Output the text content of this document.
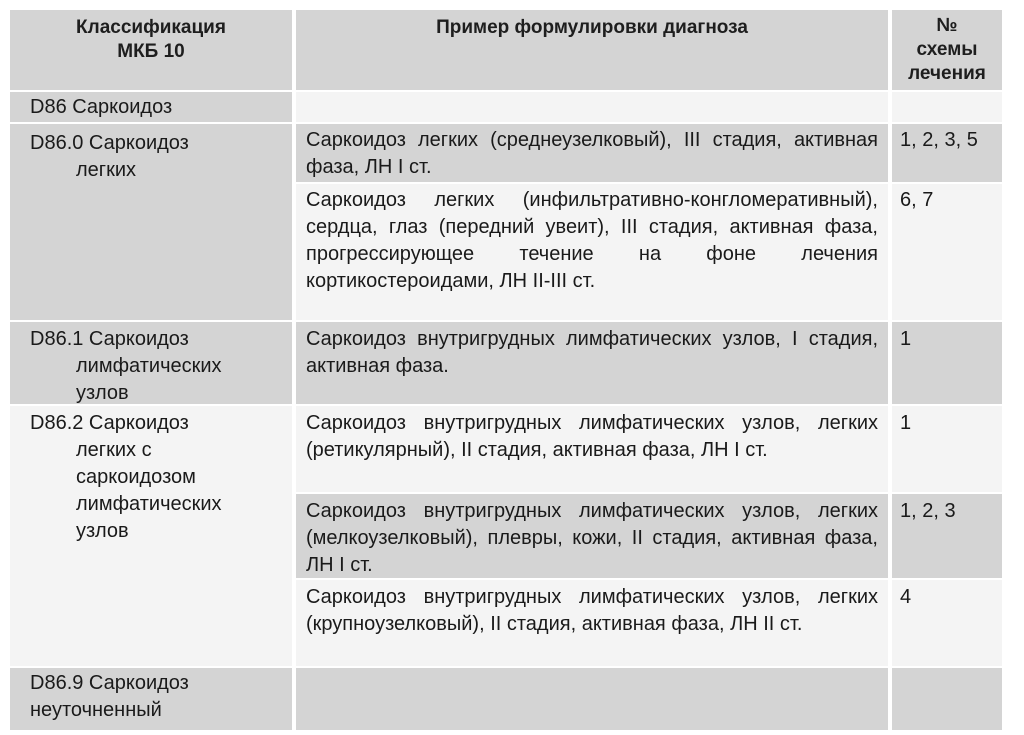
Классификация
МКБ 10
Пример формулировки диагноза	№
схемы
лечения
D86 Саркоидоз
D86.0 Саркоидоз
легких
Саркоидоз легких (среднеузелковый), III стадия, активная фаза, ЛН I ст.
1, 2, 3, 5
Саркоидоз легких (инфильтративно-конгломеративный), сердца, глаз (передний увеит), III стадия, активная фаза, прогрессирующее течение на фоне лечения кортикостероидами, ЛН II-III ст.
6, 7
D86.1 Саркоидоз
лимфатических
узлов
Саркоидоз внутригрудных лимфатических узлов, I стадия, активная фаза.
1
D86.2 Саркоидоз
легких с
саркоидозом
лимфатических
узлов
Саркоидоз внутригрудных лимфатических узлов, легких (ретикулярный), II стадия, активная фаза, ЛН I ст.
1
Саркоидоз внутригрудных лимфатических узлов, легких (мелкоузелковый), плевры, кожи, II стадия, активная фаза, ЛН I ст.
1, 2, 3
Саркоидоз внутригрудных лимфатических узлов, легких (крупноузелковый), II стадия, активная фаза, ЛН II ст.
4
D86.9 Саркоидоз
неуточненный
